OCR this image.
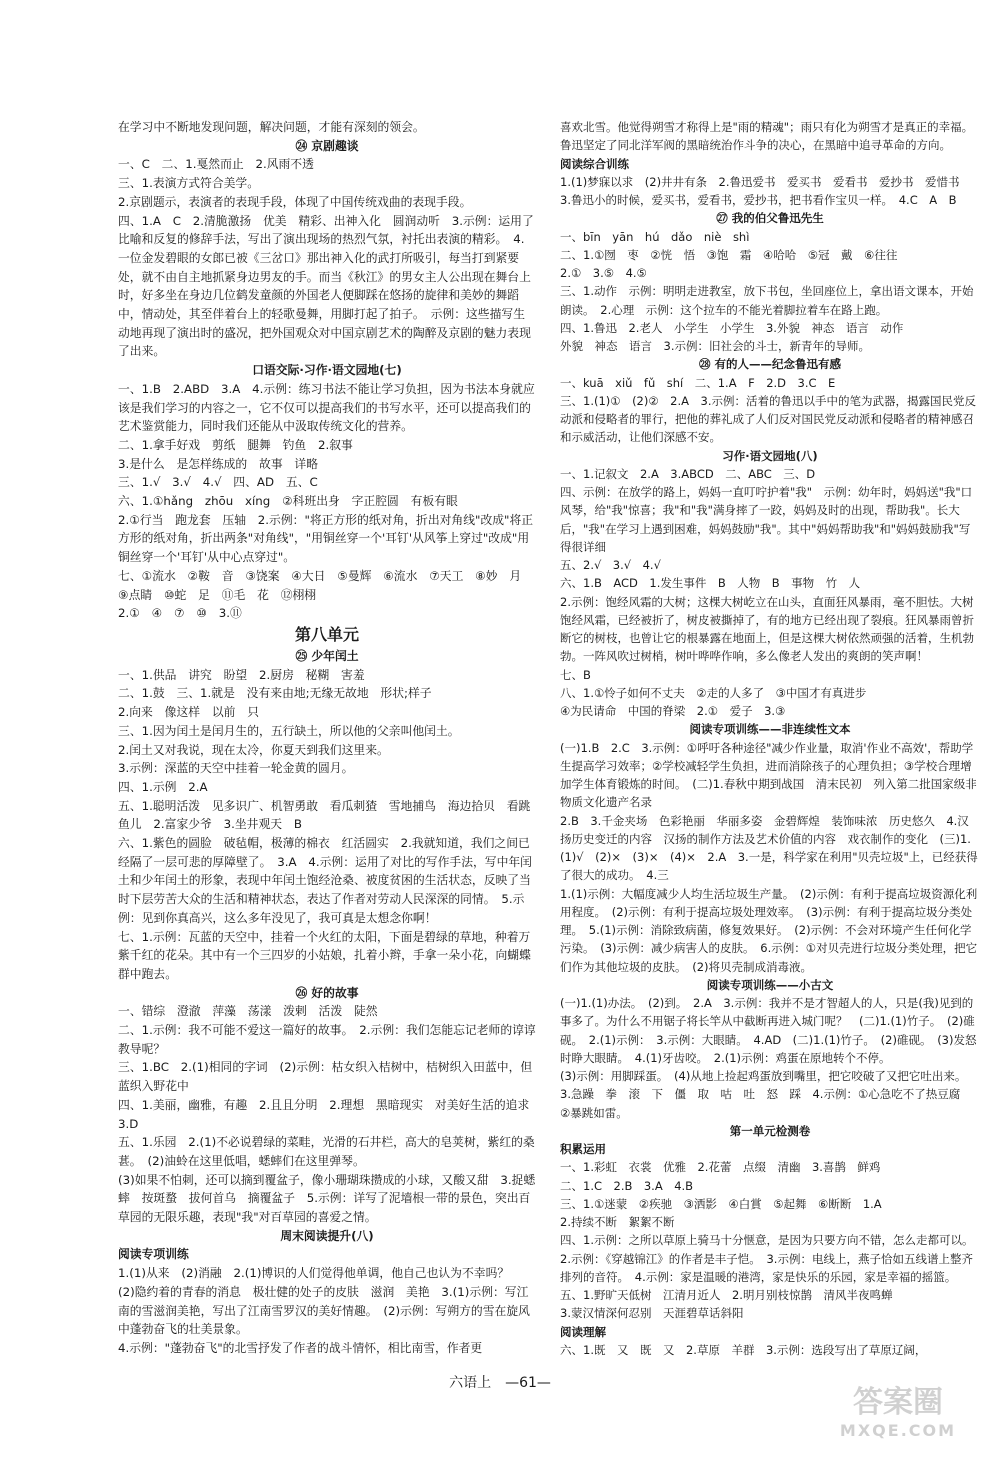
在学习中不断地发现问题，解决问题，才能有深刻的领会。

㉔ 京剧趣谈

一、C　二、1.戛然而止　2.风雨不透

三、1.表演方式符合美学。

2.京剧题示，表演者的表现手段，体现了中国传统戏曲的表现手段。

四、1.A　C　2.清脆激扬　优美　精彩、出神入化　圆润动听　3.示例：运用了比喻和反复的修辞手法，写出了演出现场的热烈气氛，衬托出表演的精彩。　4.一位金发碧眼的女郎已被《三岔口》那出神入化的武打所吸引，每当打到紧要处，就不由自主地抓紧身边男友的手。而当《秋江》的男女主人公出现在舞台上时，好多坐在身边几位鹤发童颜的外国老人便脚踩在悠扬的旋律和美妙的舞蹈中，情动处，其至伴着台上的轻歌曼舞，用脚打起了拍子。　示例：这些描写生动地再现了演出时的盛况，把外国观众对中国京剧艺术的陶醉及京剧的魅力表现了出来。

口语交际·习作·语文园地(七)

一、1.B　2.ABD　3.A　4.示例：练习书法不能让学习负担，因为书法本身就应该是我们学习的内容之一，它不仅可以提高我们的书写水平，还可以提高我们的艺术鉴赏能力，同时我们还能从中汲取传统文化的营养。

二、1.拿手好戏　剪纸　腿舞　钓鱼　2.叙事

3.是什么　是怎样练成的　故事　详略

三、1.√　3.√　4.√　四、AD　五、C

六、1.①hǎng　zhōu　xíng　②科班出身　字正腔圆　有板有眼

2.①行当　跑龙套　压轴　2.示例："将正方形的纸对角，折出对角线"改成"将正方形的纸对角，折出两条"对角线"，"用铜丝穿一个'耳钉'从风筝上穿过"改成"用铜丝穿一个'耳钉'从中心点穿过"。

七、①流水　②鞍　音　③饶案　④大日　⑤曼辉　⑥流水　⑦天工　⑧妙　月　⑨点睛　⑩蛇　足　⑪毛　花　⑫栩栩

2.①　④　⑦　⑩　3.⑪

第八单元

㉕ 少年闰土

一、1.供品　讲究　盼望　2.厨房　秘糊　害羞

二、1.鼓　三、1.就是　没有来由地;无缘无故地　形状;样子

2.向来　像这样　以前　只

三、1.因为闰土是闰月生的，五行缺土，所以他的父亲叫他闰土。

2.闰土又对我说，现在太冷，你夏天到我们这里来。

3.示例：深蓝的天空中挂着一轮金黄的圆月。

四、1.示例　2.A

五、1.聪明活泼　见多识广、机智勇敢　看瓜刺猹　雪地捕鸟　海边拾贝　看跳鱼儿　2.富家少爷　3.坐井观天　B

六、1.紫色的圆脸　破毡帽，极薄的棉衣　红活圆实　2.我就知道，我们之间已经隔了一层可悲的厚障壁了。　3.A　4.示例：运用了对比的写作手法，写中年闰土和少年闰土的形象，表现中年闰土饱经沧桑、被度贫困的生活状态，反映了当时下层劳苦大众的生活和精神状态，表达了作者对劳动人民深深的同情。　5.示例：见到你真高兴，这么多年没见了，我可真是太想念你啊！

七、1.示例：瓦蓝的天空中，挂着一个火红的太阳，下面是碧绿的草地，种着万紫千红的花朵。其中有一个三四岁的小姑娘，扎着小辫，手拿一朵小花，向蝴蝶群中跑去。

㉖ 好的故事

一、错综　澄澈　萍藻　荡漾　泼剌　活泼　陡然

二、1.示例：我不可能不爱这一篇好的故事。　2.示例：我们怎能忘记老师的谆谆教导呢？

三、1.BC　2.(1)相同的字词　(2)示例：枯女织入桔树中，桔树织入田蓝中，但蓝织入野花中

四、1.美丽，幽雅，有趣　2.且且分明　2.理想　黑暗现实　对美好生活的追求　3.D

五、1.乐园　2.(1)不必说碧绿的菜畦，光滑的石井栏，高大的皂荚树，紫红的桑葚。　(2)油蛉在这里低唱，蟋蟀们在这里弹琴。

(3)如果不怕刺，还可以摘到覆盆子，像小珊瑚珠攒成的小球，又酸又甜　3.捉蟋蟀　按斑蝥　拔何首乌　摘覆盆子　5.示例：详写了泥墙根一带的景色，突出百草园的无限乐趣，表现"我"对百草园的喜爱之情。

周末阅读提升(八)

阅读专项训练

1.(1)从来　(2)消融　2.(1)博识的人们觉得他单调，他自己也认为不幸吗？　(2)隐约着的青春的消息　极壮健的处子的皮肤　滋润　美艳　3.(1)示例：写江南的雪滋润美艳，写出了江南雪罗汉的美好情趣。　(2)示例：写朔方的雪在旋风中蓬勃奋飞的壮美景象。

4.示例："蓬勃奋飞"的北雪抒发了作者的战斗情怀，相比南雪，作者更

喜欢北雪。他觉得朔雪才称得上是"雨的精魂"；雨只有化为朔雪才是真正的幸福。鲁迅坚定了同北洋军阀的黑暗统治作斗争的决心，在黑暗中追寻革命的方向。

阅读综合训练

1.(1)梦寐以求　(2)井井有条　2.鲁迅爱书　爱买书　爱看书　爱抄书　爱惜书　3.鲁迅小的时候，爱买书，爱看书，爱抄书，把书看作宝贝一样。　4.C　A　B

㉗ 我的伯父鲁迅先生

一、bīn　yān　hú　dǎo　niè　shì

二、1.①囫　枣　②恍　悟　③饱　霜　④哈哈　⑤冠　戴　⑥往往

2.①　3.⑤　4.⑤

三、1.动作　示例：明明走进教室，放下书包，坐回座位上，拿出语文课本，开始朗读。　2.心理　示例：这个拉车的不能光着脚拉着车在路上跑。

四、1.鲁迅　2.老人　小学生　小学生　3.外貌　神态　语言　动作

外貌　神态　语言　3.示例：旧社会的斗士，新青年的导师。

㉘ 有的人——纪念鲁迅有感

一、kuā　xiǔ　fǔ　shí　二、1.A　F　2.D　3.C　E

三、1.(1)①　(2)②　2.A　3.示例：活着的鲁迅以手中的笔为武器，揭露国民党反动派和侵略者的罪行，把他的葬礼成了人们反对国民党反动派和侵略者的精神感召和示威活动，让他们深感不安。

习作·语文园地(八)

一、1.记叙文　2.A　3.ABCD　二、ABC　三、D

四、示例：在放学的路上，妈妈一直叮咛护着"我"　示例：幼年时，妈妈送"我"口风琴，给"我"惊喜；我"和"我"满身摔了一跤，妈妈及时的出现，帮助我"。长大后，"我"在学习上遇到困难，妈妈鼓励"我"。其中"妈妈帮助我"和"妈妈鼓励我"写得很详细

五、2.√　3.√　4.√

六、1.B　ACD　1.发生事件　B　人物　B　事物　竹　人

2.示例：饱经风霜的大树；这棵大树屹立在山头，直面狂风暴雨，毫不胆怯。大树饱经风霜，已经被折了，树皮被撕掉了，有的地方已经出现了裂痕。狂风暴雨曾折断它的树枝，也曾让它的根暴露在地面上，但是这棵大树依然顽强的活着，生机勃勃。一阵风吹过树梢，树叶哗哗作响，多么像老人发出的爽朗的笑声啊！

七、B

八、1.①怜子如何不丈夫　②走的人多了　③中国才有真进步

④为民请命　中国的脊梁　2.①　爱子　3.③

阅读专项训练——非连续性文本

(一)1.B　2.C　3.示例：①呼吁各种途径"减少作业量，取消'作业不高效'，帮助学生提高学习效率；②学校减轻学生负担，进而消除孩子的心理负担；③学校合理增加学生体育锻炼的时间。　(二)1.春秋中期到战国　清末民初　列入第二批国家级非物质文化遗产名录

2.B　3.千金夹场　色彩艳丽　华丽多姿　金碧辉煌　装饰味浓　历史悠久　4.汉扬历史变迁的内容　汉扬的制作方法及艺术价值的内容　戏衣制作的变化　(三)1.(1)√　(2)×　(3)×　(4)×　2.A　3.一是，科学家在利用"贝壳垃圾"上，已经获得了很大的成功。　4.三

1.(1)示例：大幅度减少人均生活垃圾生产量。　(2)示例：有利于提高垃圾资源化利用程度。　(2)示例：有利于提高垃圾处理效率。　(3)示例：有利于提高垃圾分类处理。　5.(1)示例：消除致病菌，修复效果好。　(2)示例：不会对环境产生任何化学污染。　(3)示例：减少病害人的皮肤。　6.示例：①对贝壳进行垃圾分类处理，把它们作为其他垃圾的皮肤。　(2)将贝壳制成消毒液。

阅读专项训练——小古文

(一)1.(1)办法。　(2)到。　2.A　3.示例：我并不是才智超人的人，只是(我)见到的事多了。为什么不用锯子将长竿从中截断再进入城门呢？　(二)1.(1)竹子。　(2)碓砚。　2.(1)示例：　3.示例：大眼睛。　4.AD　(二)1.(1)竹子。　(2)碓砚。　(3)发怒时睁大眼睛。　4.(1)牙齿咬。　2.(1)示例：鸡蛋在原地转个不停。

(3)示例：用脚踩蛋。　(4)从地上捡起鸡蛋放到嘴里，把它咬破了又把它吐出来。　3.急躁　拳　滚　下　僵　取　咕　吐　怒　踩　4.示例：①心急吃不了热豆腐　②暴跳如雷。

第一单元检测卷

积累运用

一、1.彩虹　衣裳　优雅　2.花蕾　点缀　清幽　3.喜鹊　鲜鸡

二、1.C　2.B　3.A　4.B

三、1.①迷蒙　②疾驰　③洒影　④白賞　⑤起舞　⑥断断　1.A

2.持续不断　絮絮不断

四、1.示例：之所以草原上骑马十分惬意，是因为只要方向不错，怎么走都可以。　2.示例：《穿越锦江》的作者是丰子恺。　3.示例：电线上，燕子恰如五线谱上整齐排列的音符。　4.示例：家是温暖的港湾，家是快乐的乐园，家是幸福的摇篮。

五、1.野旷天低树　江清月近人　2.明月别枝惊鹊　清风半夜鸣蝉

3.蒙汉情深何忍别　天涯碧草话斜阳

阅读理解

六、1.既　又　既　又　2.草原　羊群　3.示例：选段写出了草原辽阔，

六语上　—61—
答案圈
MXQE.COM
